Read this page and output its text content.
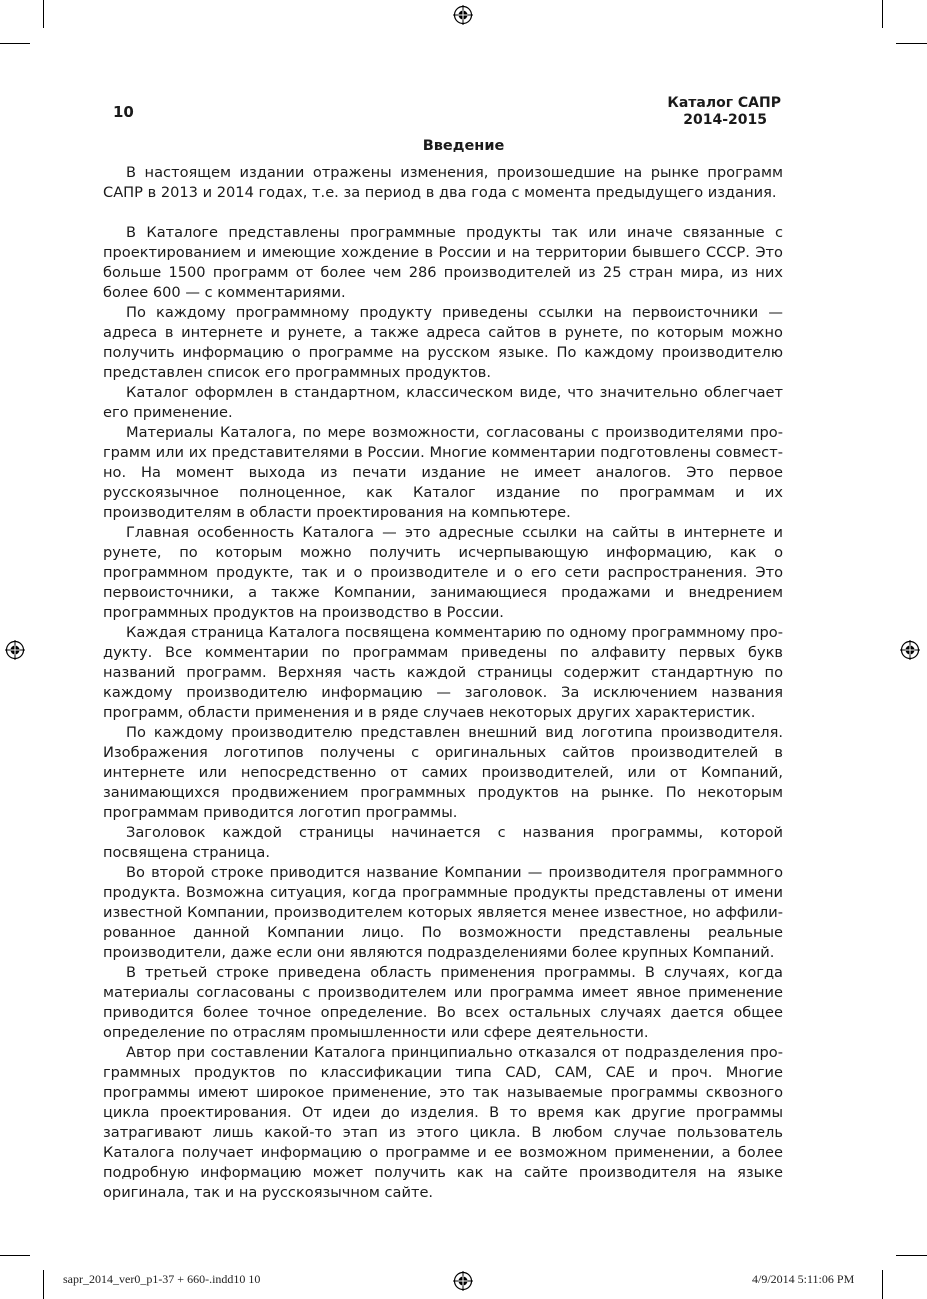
10	Каталог САПР

2014-2015
Введение

В настоящем издании отражены изменения, произошедшие на рынке программ САПР в 2013 и 2014 годах, т.е. за период в два года с момента предыдущего издания.

В Каталоге представлены программные продукты так или иначе связанные с проектированием и имеющие хождение в России и на территории бывшего СССР. Это больше 1500 программ от более чем 286 производителей из 25 стран мира, из них более 600 — с комментариями.

По каждому программному продукту приведены ссылки на первоисточники — адреса в интернете и рунете, а также адреса сайтов в рунете, по которым можно получить информацию о программе на русском языке. По каждому производителю представлен список его программных продуктов.

Каталог оформлен в стандартном, классическом виде, что значительно облегчает его применение.

Материалы Каталога, по мере возможности, согласованы с производителями программ или их представителями в России. Многие комментарии подготовлены совместно. На момент выхода из печати издание не имеет аналогов. Это первое русскоязычное полноценное, как Каталог издание по программам и их производителям в области проектирования на компьютере.

Главная особенность Каталога — это адресные ссылки на сайты в интернете и рунете, по которым можно получить исчерпывающую информацию, как о программном продукте, так и о производителе и о его сети распространения. Это первоисточники, а также Компании, занимающиеся продажами и внедрением программных продуктов на производство в России.

Каждая страница Каталога посвящена комментарию по одному программному продукту. Все комментарии по программам приведены по алфавиту первых букв названий программ. Верхняя часть каждой страницы содержит стандартную по каждому производителю информацию — заголовок. За исключением названия программ, области применения и в ряде случаев некоторых других характеристик.

По каждому производителю представлен внешний вид логотипа производителя. Изображения логотипов получены с оригинальных сайтов производителей в интернете или непосредственно от самих производителей, или от Компаний, занимающихся продвижением программных продуктов на рынке. По некоторым программам приводится логотип программы.

Заголовок каждой страницы начинается с названия программы, которой посвящена страница.

Во второй строке приводится название Компании — производителя программного продукта. Возможна ситуация, когда программные продукты представлены от имени известной Компании, производителем которых является менее известное, но аффилированное данной Компании лицо. По возможности представлены реальные производители, даже если они являются подразделениями более крупных Компаний.

В третьей строке приведена область применения программы. В случаях, когда материалы согласованы с производителем или программа имеет явное применение приводится более точное определение. Во всех остальных случаях дается общее определение по отраслям промышленности или сфере деятельности.

Автор при составлении Каталога принципиально отказался от подразделения программных продуктов по классификации типа CAD, CAM, CAE и проч. Многие программы имеют широкое применение, это так называемые программы сквозного цикла проектирования. От идеи до изделия. В то время как другие программы затрагивают лишь какой-то этап из этого цикла. В любом случае пользователь Каталога получает информацию о программе и ее возможном применении, а более подробную информацию может получить как на сайте производителя на языке оригинала, так и на русскоязычном сайте.

sapr_2014_ver0_p1-37 + 660-.indd10 10	4/9/2014 5:11:06 PM
